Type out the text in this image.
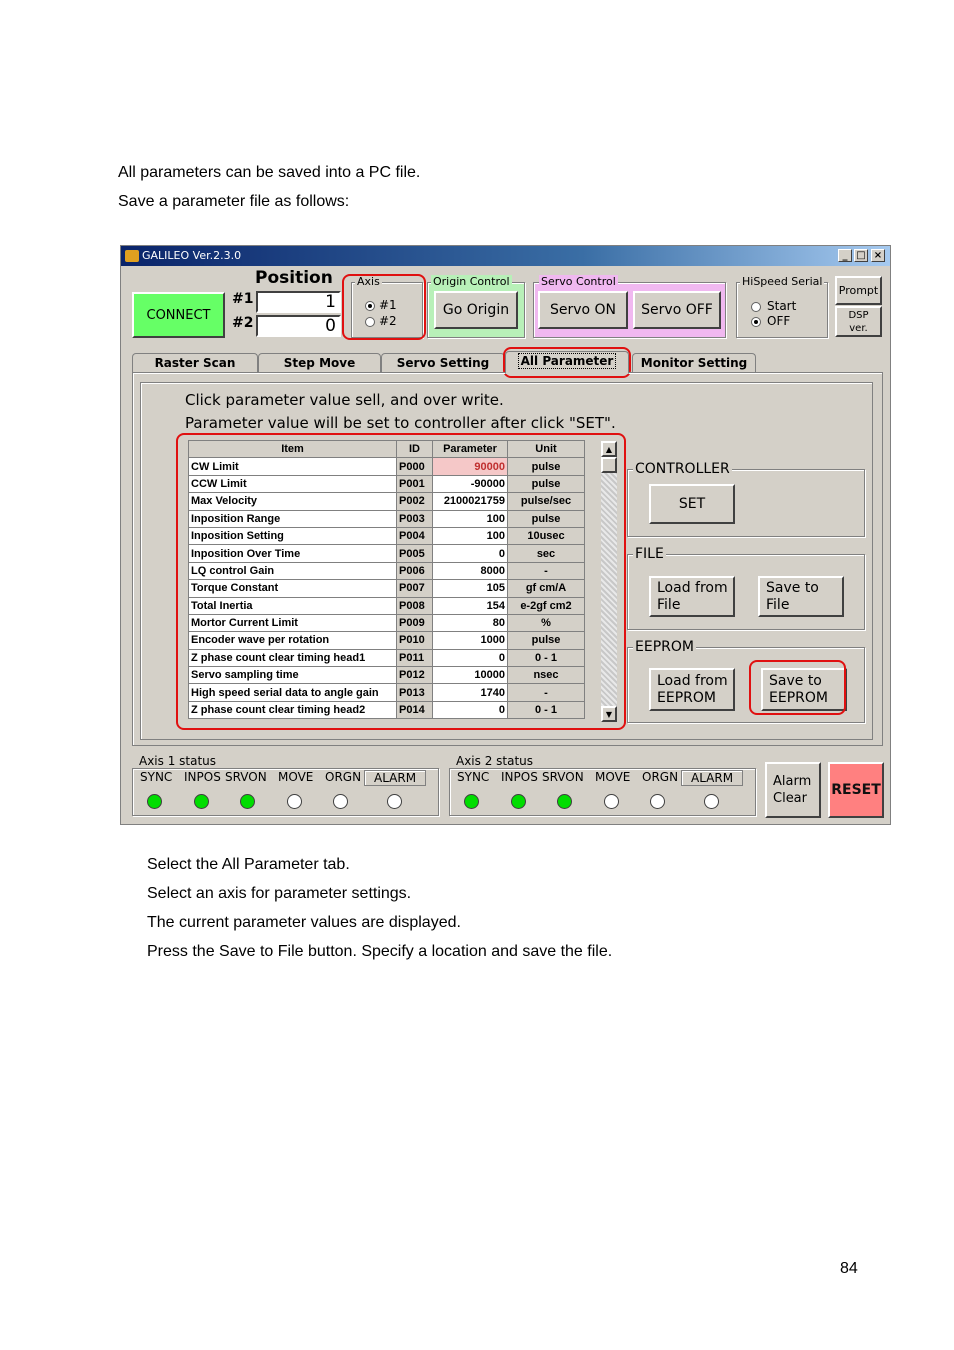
All parameters can be saved into a PC file.
Save a parameter file as follows:
GALILEO Ver.2.3.0	_ □ ×
CONNECT
Position
#1	1
#2	0
Axis
#1
#2
Origin Control
Go Origin
Servo Control
Servo ON	Servo OFF
HiSpeed Serial
Start
OFF
Prompt
DSP ver.
Raster Scan	Step Move	Servo Setting	All Parameter	Monitor Setting
Click parameter value sell, and over write.
Parameter value will be set to controller after click "SET".
Item	ID	Parameter	Unit
CW Limit	P000	90000	pulse
CCW Limit	P001	-90000	pulse
Max Velocity	P002	2100021759	pulse/sec
Inposition Range	P003	100	pulse
Inposition Setting	P004	100	10usec
Inposition Over Time	P005	0	sec
LQ control Gain	P006	8000	-
Torque Constant	P007	105	gf cm/A
Total Inertia	P008	154	e-2gf cm2
Mortor Current Limit	P009	80	%
Encoder wave per rotation	P010	1000	pulse
Z phase count clear timing head1	P011	0	0 - 1
Servo sampling time	P012	10000	nsec
High speed serial data to angle gain	P013	1740	-
Z phase count clear timing head2	P014	0	0 - 1
▲
▼
CONTROLLER
SET
FILE
Load from
File
Save to
File
EEPROM
Load from
EEPROM
Save to
EEPROM
Axis 1 status
SYNC INPOS SRVON MOVE ORGN	ALARM
Axis 2 status
SYNC INPOS SRVON MOVE ORGN	ALARM	Alarm
Clear
RESET
Select the All Parameter tab.
Select an axis for parameter settings.
The current parameter values are displayed.
Press the Save to File button. Specify a location and save the file.
84
